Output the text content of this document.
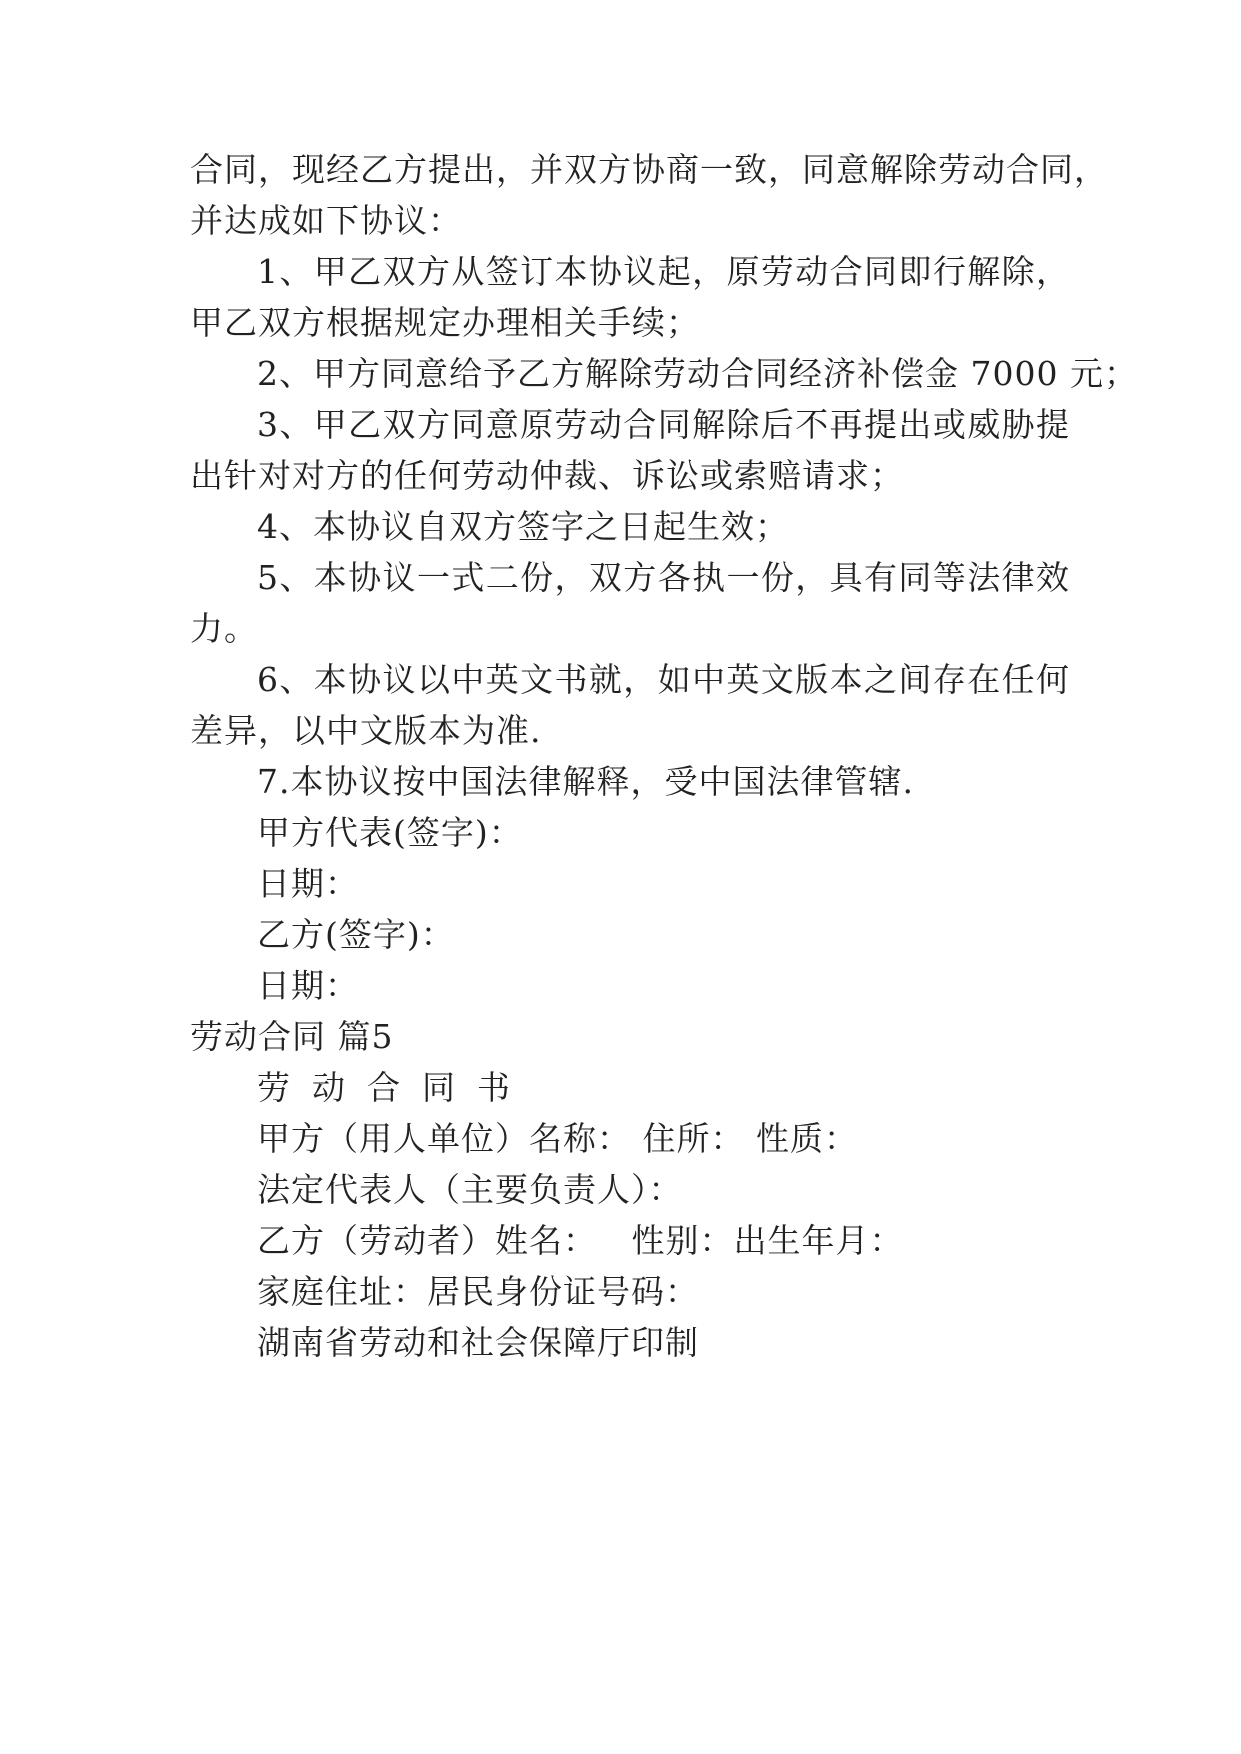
合同，现经乙方提出，并双方协商一致，同意解除劳动合同，
并达成如下协议：
1、甲乙双方从签订本协议起，原劳动合同即行解除，
甲乙双方根据规定办理相关手续；
2、甲方同意给予乙方解除劳动合同经济补偿金 7000 元；
3、甲乙双方同意原劳动合同解除后不再提出或威胁提
出针对对方的任何劳动仲裁、诉讼或索赔请求；
4、本协议自双方签字之日起生效；
5、本协议一式二份，双方各执一份，具有同等法律效
力。
6、本协议以中英文书就，如中英文版本之间存在任何
差异，以中文版本为准.
7.本协议按中国法律解释，受中国法律管辖.
甲方代表(签字)：
日期：
乙方(签字)：
日期：
劳动合同 篇5
劳动合同书
甲方（用人单位）名称： 住所： 性质：
法定代表人（主要负责人）：
乙方（劳动者）姓名：   性别：出生年月：
家庭住址：居民身份证号码：
湖南省劳动和社会保障厅印制
